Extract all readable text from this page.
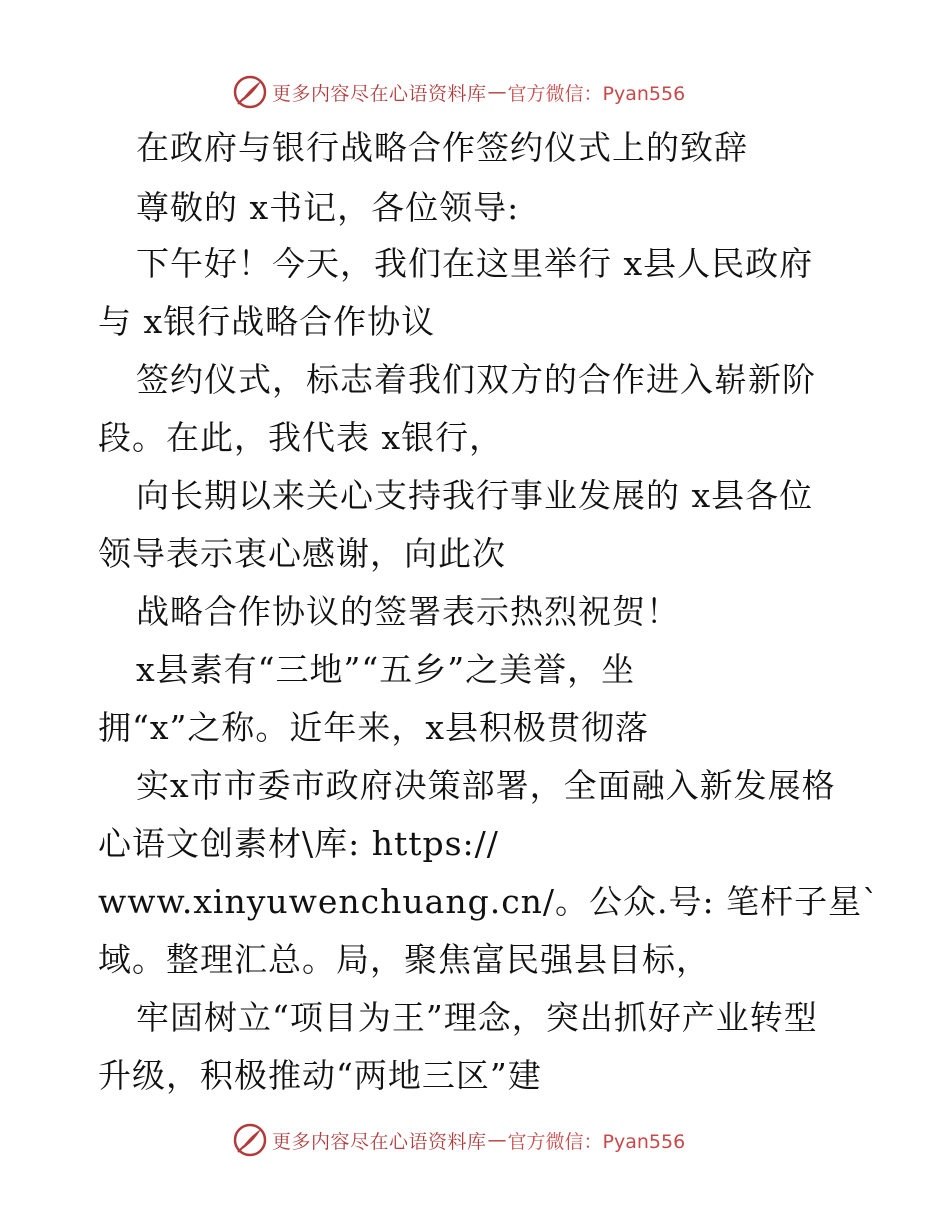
更多内容尽在心语资料库 — 官方微信：Pyan556
在政府与银行战略合作签约仪式上的致辞
尊敬的 x书记，各位领导:
下午好！今天，我们在这里举行 x县人民政府
与 x银行战略合作协议
签约仪式，标志着我们双方的合作进入崭新阶
段。在此，我代表 x银行，
向长期以来关心支持我行事业发展的 x县各位
领导表示衷心感谢，向此次
战略合作协议的签署表示热烈祝贺！
x县素有“三地”“五乡”之美誉，坐
拥“x”之称。近年来，x县积极贯彻落
实x市市委市政府决策部署，全面融入新发展格
心语文创素材\库: https://
www.xinyuwenchuang.cn/。公众.号: 笔杆子星`
域。整理汇总。局，聚焦富民强县目标，
牢固树立“项目为王”理念，突出抓好产业转型
升级，积极推动“两地三区”建
更多内容尽在心语资料库 — 官方微信：Pyan556
